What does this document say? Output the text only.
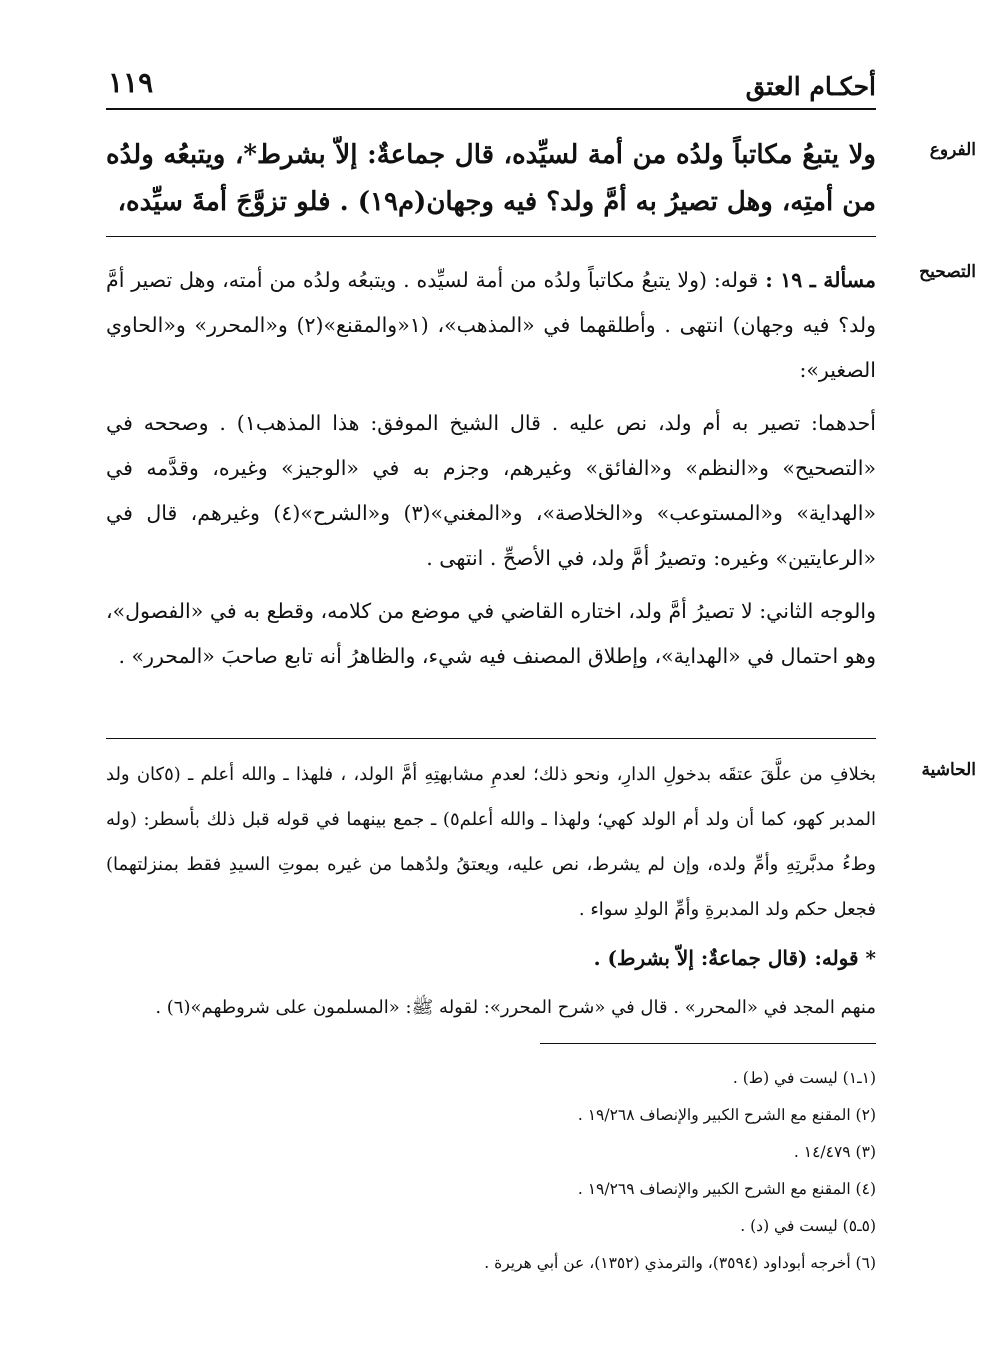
أحكـام العتق
١١٩
الفروع
ولا يتبعُ مكاتباً ولدُه من أمة لسيِّده، قال جماعةٌ: إلاّ بشرط*، ويتبعُه ولدُه من أمتِه، وهل تصيرُ به أمَّ ولد؟ فيه وجهان(م١٩) . فلو تزوَّجَ أمةَ سيِّده،
التصحيح

مسألة ـ ١٩ : قوله: (ولا يتبعُ مكاتباً ولدُه من أمة لسيِّده . ويتبعُه ولدُه من أمته، وهل تصير أمَّ ولد؟ فيه وجهان) انتهى . وأطلقهما في «المذهب»، (١«والمقنع»(٢) و«المحرر» و«الحاوي الصغير»:

أحدهما: تصير به أم ولد، نص عليه . قال الشيخ الموفق: هذا المذهب١) . وصححه في «التصحيح» و«النظم» و«الفائق» وغيرهم، وجزم به في «الوجيز» وغيره، وقدَّمه في «الهداية» و«المستوعب» و«الخلاصة»، و«المغني»(٣) و«الشرح»(٤) وغيرهم، قال في «الرعايتين» وغيره: وتصيرُ أمَّ ولد، في الأصحِّ . انتهى .

والوجه الثاني: لا تصيرُ أمَّ ولد، اختاره القاضي في موضع من كلامه، وقطع به في «الفصول»، وهو احتمال في «الهداية»، وإطلاق المصنف فيه شيء، والظاهرُ أنه تابع صاحبَ «المحرر» .

الحاشية

بخلافِ من علَّقَ عتقَه بدخولِ الدارِ، ونحو ذلك؛ لعدمِ مشابهتِهِ أمَّ الولد، ، فلهذا ـ والله أعلم ـ (٥كان ولد المدبر كهو، كما أن ولد أم الولد كهي؛ ولهذا ـ والله أعلم٥) ـ جمع بينهما في قوله قبل ذلك بأسطر: (وله وطءُ مدبَّرتِهِ وأمِّ ولده، وإن لم يشرط، نص عليه، ويعتقُ ولدُهما من غيره بموتِ السيدِ فقط بمنزلتهما) فجعل حكم ولد المدبرةِ وأمِّ الولدِ سواء .

* قوله: (قال جماعةٌ: إلاّ بشرط) .

منهم المجد في «المحرر» . قال في «شرح المحرر»: لقوله ﷺ: «المسلمون على شروطهم»(٦) .

(١ـ١) ليست في (ط) .
(٢) المقنع مع الشرح الكبير والإنصاف ١٩/٢٦٨ .
(٣) ١٤/٤٧٩ .
(٤) المقنع مع الشرح الكبير والإنصاف ١٩/٢٦٩ .
(٥ـ٥) ليست في (د) .
(٦) أخرجه أبوداود (٣٥٩٤)، والترمذي (١٣٥٢)، عن أبي هريرة .
